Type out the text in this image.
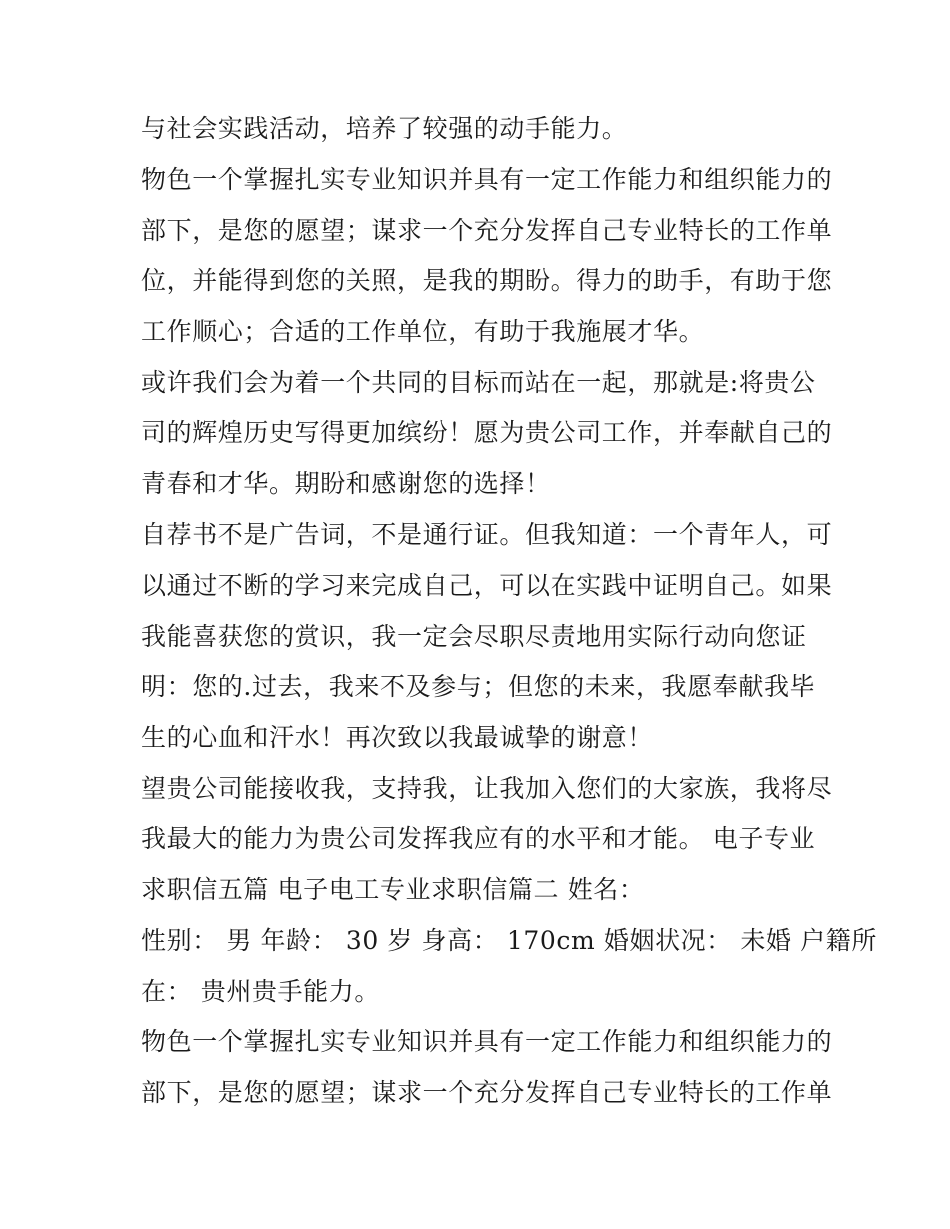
与社会实践活动，培养了较强的动手能力。
物色一个掌握扎实专业知识并具有一定工作能力和组织能力的
部下，是您的愿望；谋求一个充分发挥自己专业特长的工作单
位，并能得到您的关照，是我的期盼。得力的助手，有助于您
工作顺心；合适的工作单位，有助于我施展才华。
或许我们会为着一个共同的目标而站在一起，那就是:将贵公
司的辉煌历史写得更加缤纷！愿为贵公司工作，并奉献自己的
青春和才华。期盼和感谢您的选择！
自荐书不是广告词，不是通行证。但我知道：一个青年人，可
以通过不断的学习来完成自己，可以在实践中证明自己。如果
我能喜获您的赏识，我一定会尽职尽责地用实际行动向您证
明：您的.过去，我来不及参与；但您的未来，我愿奉献我毕
生的心血和汗水！再次致以我最诚挚的谢意！
望贵公司能接收我，支持我，让我加入您们的大家族，我将尽
我最大的能力为贵公司发挥我应有的水平和才能。 电子专业
求职信五篇 电子电工专业求职信篇二 姓名：
性别： 男 年龄： 30 岁 身高： 170cm 婚姻状况： 未婚 户籍所
在： 贵州贵手能力。
物色一个掌握扎实专业知识并具有一定工作能力和组织能力的
部下，是您的愿望；谋求一个充分发挥自己专业特长的工作单
